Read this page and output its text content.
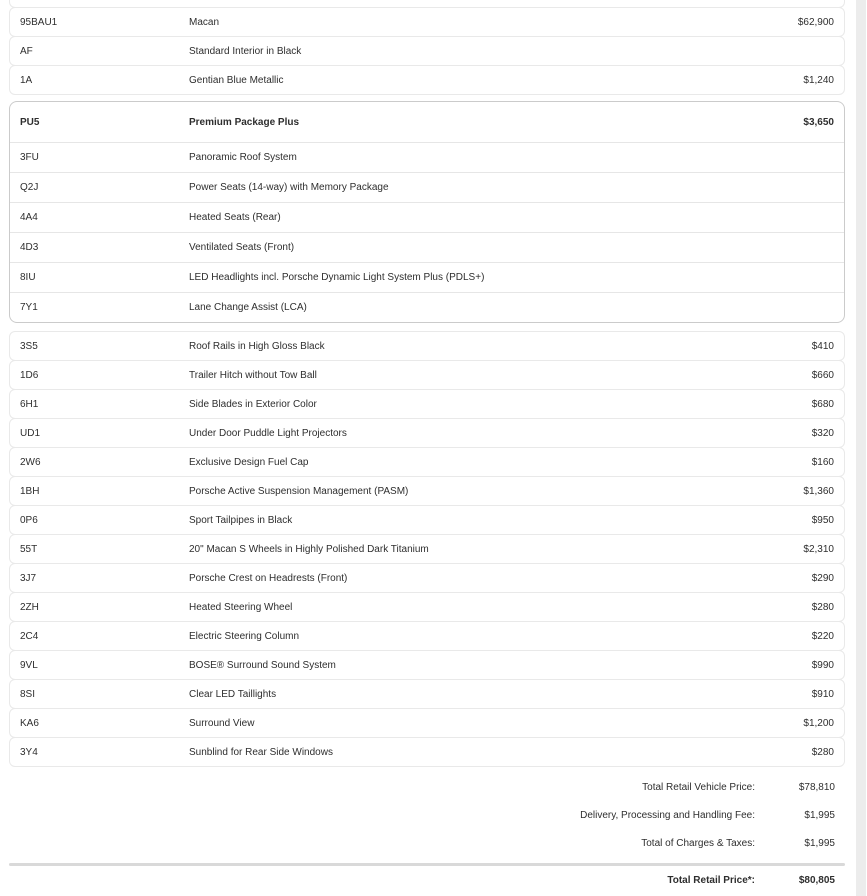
95BAU1	Macan	$62,900
AF	Standard Interior in Black
1A	Gentian Blue Metallic	$1,240
PU5	Premium Package Plus	$3,650
3FU	Panoramic Roof System
Q2J	Power Seats (14-way) with Memory Package
4A4	Heated Seats (Rear)
4D3	Ventilated Seats (Front)
8IU	LED Headlights incl. Porsche Dynamic Light System Plus (PDLS+)
7Y1	Lane Change Assist (LCA)
3S5	Roof Rails in High Gloss Black	$410
1D6	Trailer Hitch without Tow Ball	$660
6H1	Side Blades in Exterior Color	$680
UD1	Under Door Puddle Light Projectors	$320
2W6	Exclusive Design Fuel Cap	$160
1BH	Porsche Active Suspension Management (PASM)	$1,360
0P6	Sport Tailpipes in Black	$950
55T	20" Macan S Wheels in Highly Polished Dark Titanium	$2,310
3J7	Porsche Crest on Headrests (Front)	$290
2ZH	Heated Steering Wheel	$280
2C4	Electric Steering Column	$220
9VL	BOSE® Surround Sound System	$990
8SI	Clear LED Taillights	$910
KA6	Surround View	$1,200
3Y4	Sunblind for Rear Side Windows	$280
Total Retail Vehicle Price:	$78,810
Delivery, Processing and Handling Fee:	$1,995
Total of Charges & Taxes:	$1,995
Total Retail Price*:	$80,805
